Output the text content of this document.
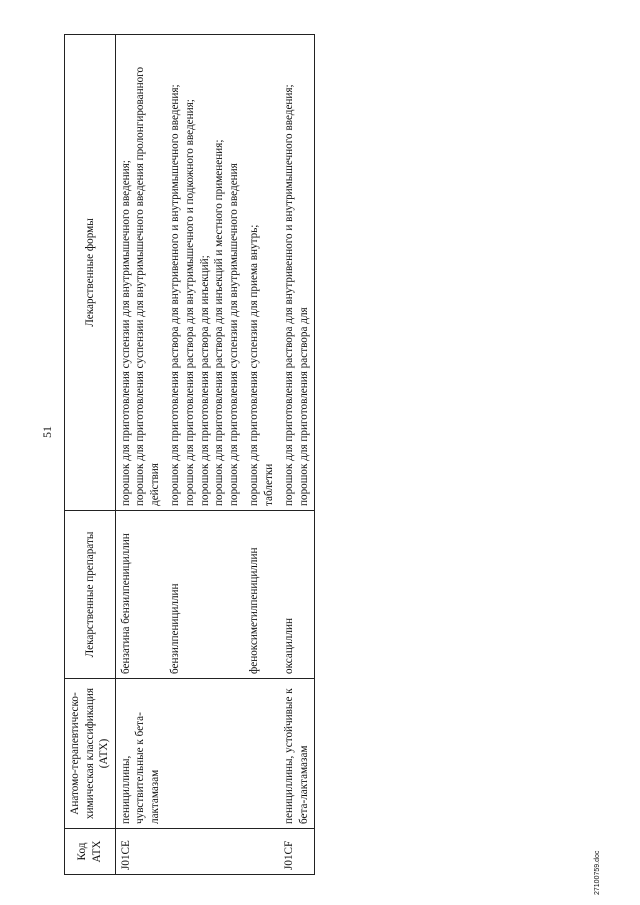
51
Код АТХ	Анатомо-терапевтическо-химическая классификация (АТХ)	Лекарственные препараты	Лекарственные формы
J01CE	пенициллины, чувствительные к бета-лактамазам	бензатина бензилпенициллин	порошок для приготовления суспензии для внутримышечного введения; порошок для приготовления суспензии для внутримышечного введения пролонгированного действия

		бензилпенициллин	порошок для приготовления раствора для внутривенного и внутримышечного введения; порошок для приготовления раствора для внутримышечного и подкожного введения; порошок для приготовления раствора для инъекций; порошок для приготовления раствора для инъекций и местного применения; порошок для приготовления суспензии для внутримышечного введения

		феноксиметилпенициллин	порошок для приготовления суспензии для приема внутрь; таблетки

J01CF	пенициллины, устойчивые к бета-лактамазам	оксациллин	порошок для приготовления раствора для внутривенного и внутримышечного введения; порошок для приготовления раствора для
27100759.doc
